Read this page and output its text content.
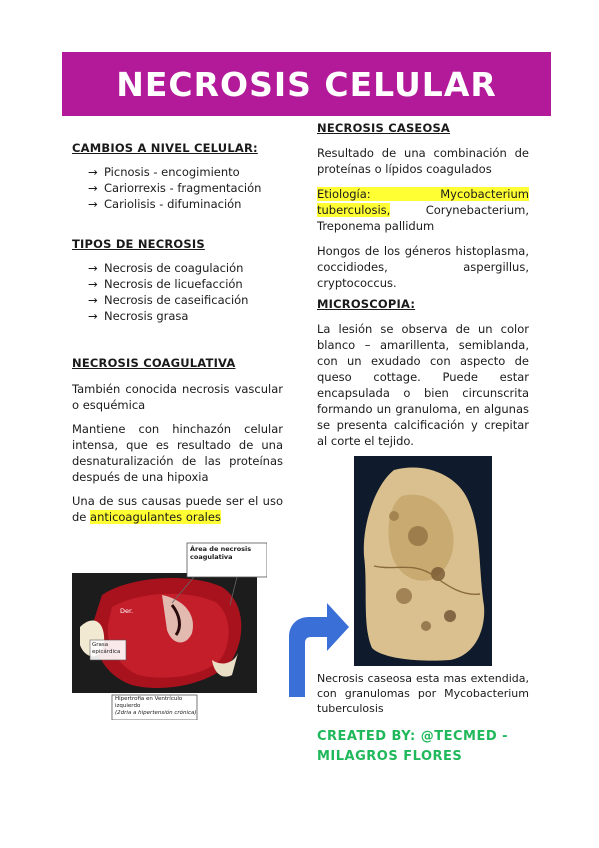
NECROSIS CELULAR
CAMBIOS A NIVEL CELULAR:
→ Picnosis - encogimiento
→ Cariorrexis - fragmentación
→ Cariolisis - difuminación
TIPOS DE NECROSIS
→ Necrosis de coagulación
→ Necrosis de licuefacción
→ Necrosis de caseificación
→ Necrosis grasa
NECROSIS COAGULATIVA

También conocida necrosis vascular o esquémica

Mantiene con hinchazón celular intensa, que es resultado de una desnaturalización de las proteínas después de una hipoxia

Una de sus causas puede ser el uso de anticoagulantes orales

Área de necrosis coagulativa
Der.
Grasa epicárdica
Hipertrofia en Ventrículo izquierdo
(2dria a hipertensión crónica)
NECROSIS CASEOSA

Resultado de una combinación de proteínas o lípidos coagulados

Etiología: Mycobacterium tuberculosis, Corynebacterium, Treponema pallidum

Hongos de los géneros histoplasma, coccidiodes, aspergillus, cryptococcus.

MICROSCOPIA:

La lesión se observa de un color blanco – amarillenta, semiblanda, con un exudado con aspecto de queso cottage. Puede estar encapsulada o bien circunscrita formando un granuloma, en algunas se presenta calcificación y crepitar al corte el tejido.

Necrosis caseosa esta mas extendida, con granulomas por Mycobacterium tuberculosis

CREATED BY: @TECMED - MILAGROS FLORES
